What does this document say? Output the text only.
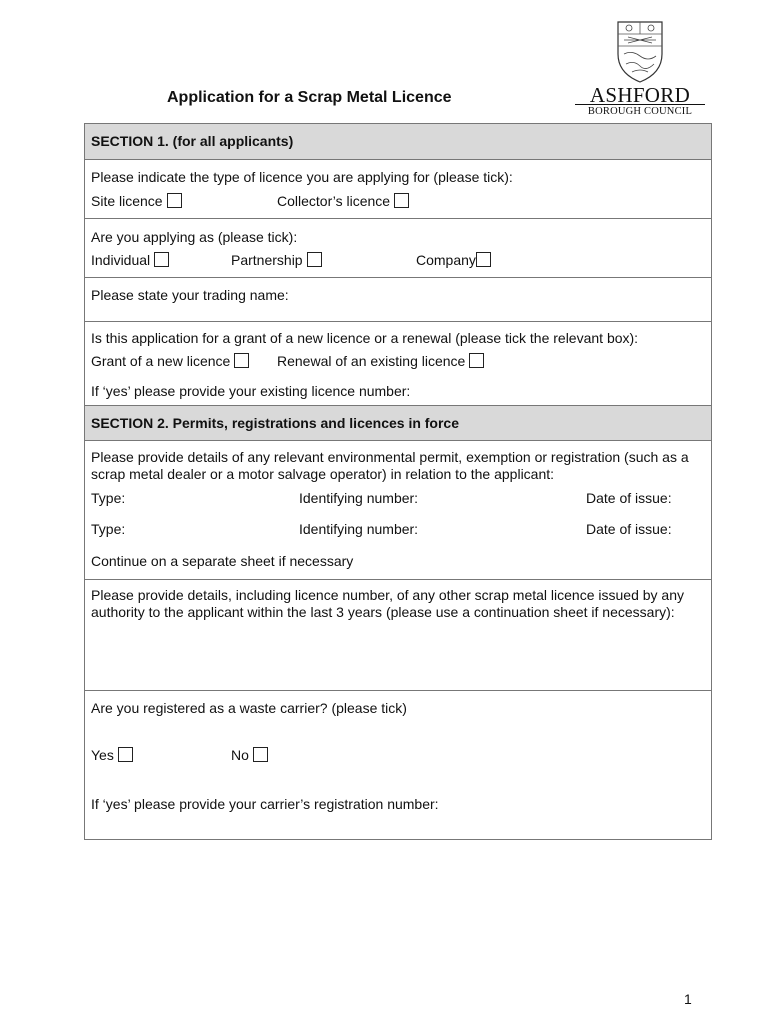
ASHFORD
BOROUGH COUNCIL
Application for a Scrap Metal Licence
SECTION 1. (for all applicants)
Please indicate the type of licence you are applying for (please tick):
Site licence	Collector’s licence
Are you applying as (please tick):
Individual	Partnership	Company
Please state your trading name:
Is this application for a grant of a new licence or a renewal (please tick the relevant box):
Grant of a new licence	Renewal of an existing licence
If ‘yes’ please provide your existing licence number:
SECTION 2. Permits, registrations and licences in force
Please provide details of any relevant environmental permit, exemption or registration (such as a scrap metal dealer or a motor salvage operator) in relation to the applicant:
Type:	Identifying number:	Date of issue:
Type:	Identifying number:	Date of issue:
Continue on a separate sheet if necessary
Please provide details, including licence number, of any other scrap metal licence issued by any authority to the applicant within the last 3 years (please use a continuation sheet if necessary):
Are you registered as a waste carrier? (please tick)
Yes	No
If ‘yes’ please provide your carrier’s registration number:
1
